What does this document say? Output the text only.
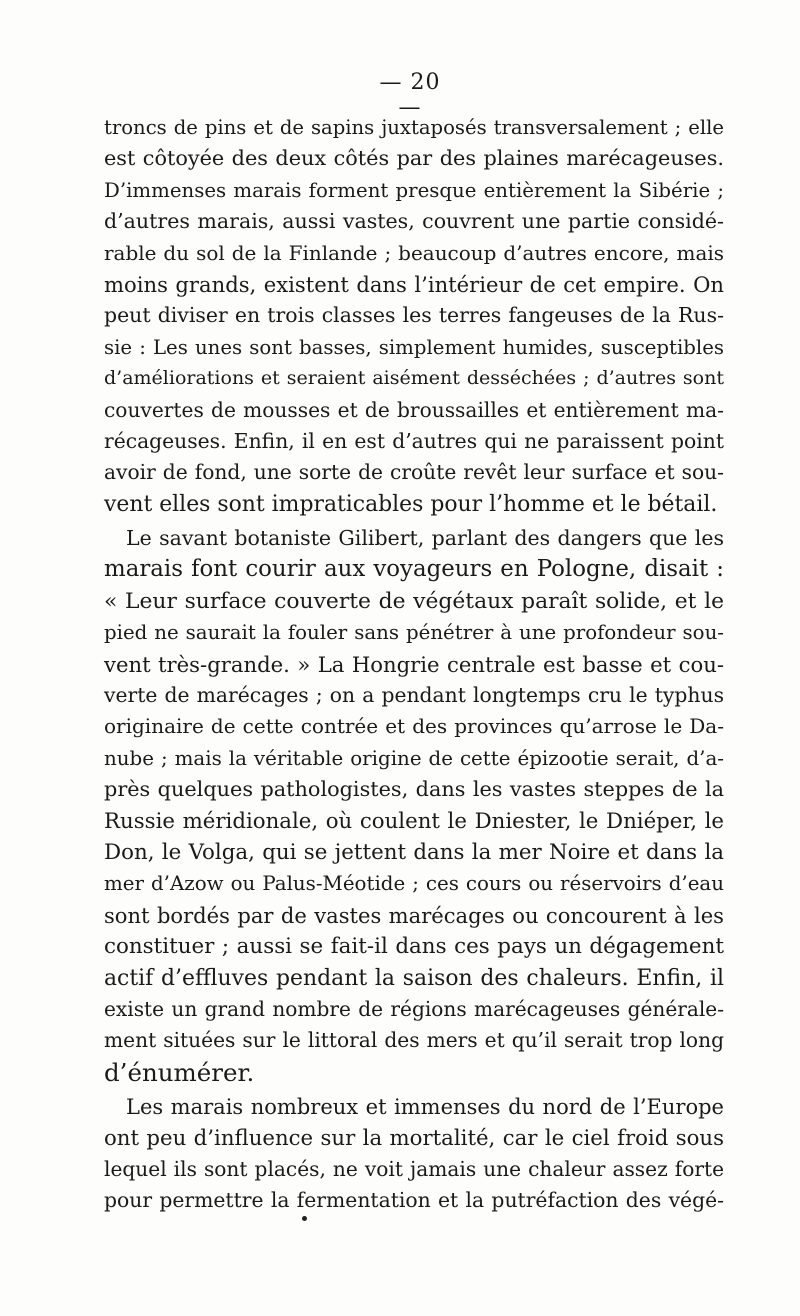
— 20 —
troncs de pins et de sapins juxtaposés transversalement ; elle
est côtoyée des deux côtés par des plaines marécageuses.
D’immenses marais forment presque entièrement la Sibérie ;
d’autres marais, aussi vastes, couvrent une partie considé-
rable du sol de la Finlande ; beaucoup d’autres encore, mais
moins grands, existent dans l’intérieur de cet empire. On
peut diviser en trois classes les terres fangeuses de la Rus-
sie : Les unes sont basses, simplement humides, susceptibles
d’améliorations et seraient aisément desséchées ; d’autres sont
couvertes de mousses et de broussailles et entièrement ma-
récageuses. Enfin, il en est d’autres qui ne paraissent point
avoir de fond, une sorte de croûte revêt leur surface et sou-
vent elles sont impraticables pour l’homme et le bétail.
Le savant botaniste Gilibert, parlant des dangers que les
marais font courir aux voyageurs en Pologne, disait :
« Leur surface couverte de végétaux paraît solide, et le
pied ne saurait la fouler sans pénétrer à une profondeur sou-
vent très-grande. » La Hongrie centrale est basse et cou-
verte de marécages ; on a pendant longtemps cru le typhus
originaire de cette contrée et des provinces qu’arrose le Da-
nube ; mais la véritable origine de cette épizootie serait, d’a-
près quelques pathologistes, dans les vastes steppes de la
Russie méridionale, où coulent le Dniester, le Dniéper, le
Don, le Volga, qui se jettent dans la mer Noire et dans la
mer d’Azow ou Palus-Méotide ; ces cours ou réservoirs d’eau
sont bordés par de vastes marécages ou concourent à les
constituer ; aussi se fait-il dans ces pays un dégagement
actif d’effluves pendant la saison des chaleurs. Enfin, il
existe un grand nombre de régions marécageuses générale-
ment situées sur le littoral des mers et qu’il serait trop long
d’énumérer.
Les marais nombreux et immenses du nord de l’Europe
ont peu d’influence sur la mortalité, car le ciel froid sous
lequel ils sont placés, ne voit jamais une chaleur assez forte
pour permettre la fermentation et la putréfaction des végé-
